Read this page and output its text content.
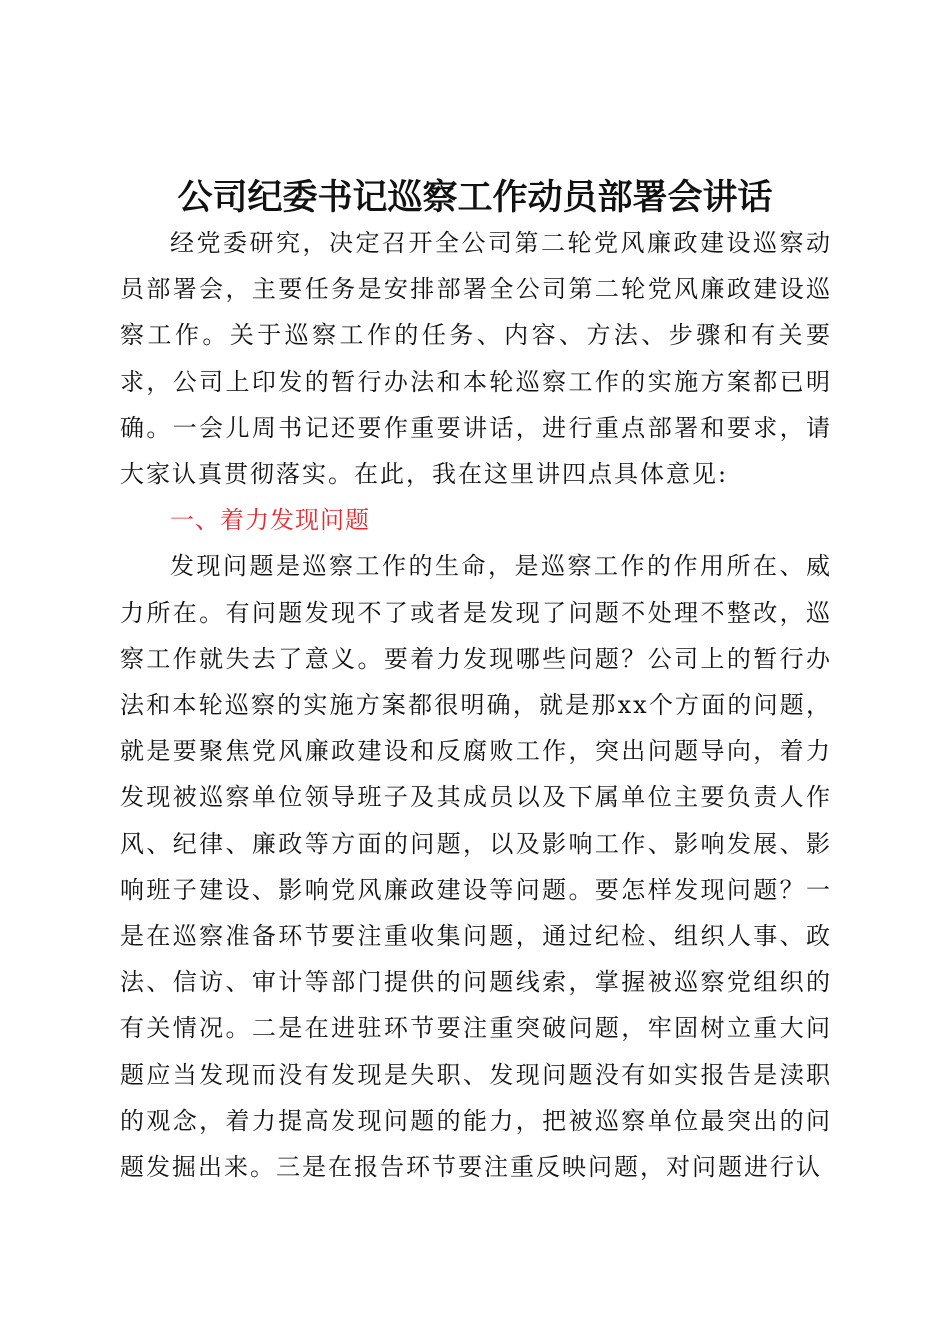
公司纪委书记巡察工作动员部署会讲话

经党委研究，决定召开全公司第二轮党风廉政建设巡察动员部署会，主要任务是安排部署全公司第二轮党风廉政建设巡察工作。关于巡察工作的任务、内容、方法、步骤和有关要求，公司上印发的暂行办法和本轮巡察工作的实施方案都已明确。一会儿周书记还要作重要讲话，进行重点部署和要求，请大家认真贯彻落实。在此，我在这里讲四点具体意见:

一、着力发现问题

发现问题是巡察工作的生命，是巡察工作的作用所在、威力所在。有问题发现不了或者是发现了问题不处理不整改，巡察工作就失去了意义。要着力发现哪些问题？公司上的暂行办法和本轮巡察的实施方案都很明确，就是那xx个方面的问题，就是要聚焦党风廉政建设和反腐败工作，突出问题导向，着力发现被巡察单位领导班子及其成员以及下属单位主要负责人作风、纪律、廉政等方面的问题，以及影响工作、影响发展、影响班子建设、影响党风廉政建设等问题。要怎样发现问题？一是在巡察准备环节要注重收集问题，通过纪检、组织人事、政法、信访、审计等部门提供的问题线索，掌握被巡察党组织的有关情况。二是在进驻环节要注重突破问题，牢固树立重大问题应当发现而没有发现是失职、发现问题没有如实报告是渎职的观念，着力提高发现问题的能力，把被巡察单位最突出的问题发掘出来。三是在报告环节要注重反映问题，对问题进行认
